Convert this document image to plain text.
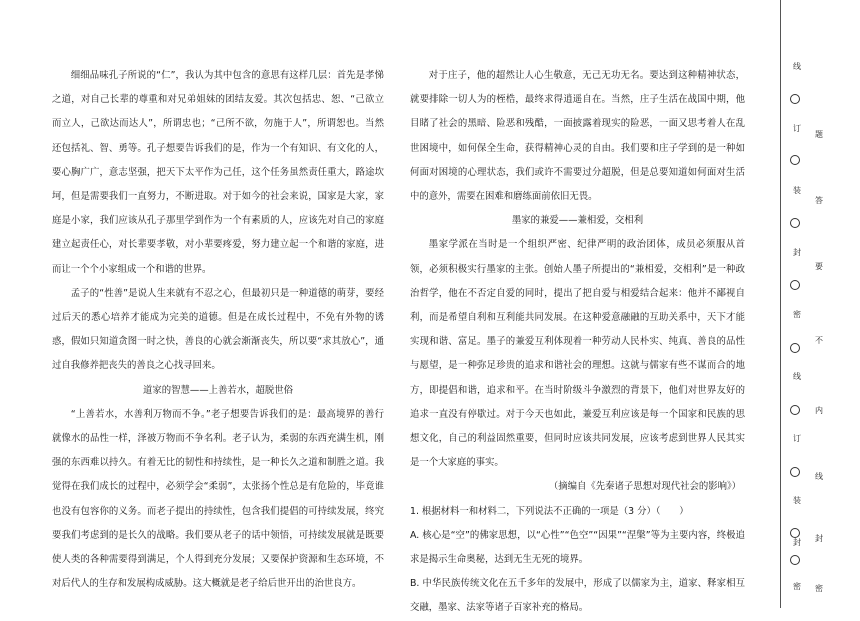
细细品味孔子所说的“仁”，我认为其中包含的意思有这样几层：首先是孝悌之道，对自己长辈的尊重和对兄弟姐妹的团结友爱。其次包括忠、恕、“己欲立而立人，己欲达而达人”，所谓忠也；“己所不欲，勿施于人”，所谓恕也。当然还包括礼、智、勇等。孔子想要告诉我们的是，作为一个有知识、有文化的人，要心胸广广，意志坚强，把天下太平作为己任，这个任务虽然责任重大，路途坎坷，但是需要我们一直努力，不断进取。对于如今的社会来说，国家是大家，家庭是小家，我们应该从孔子那里学到作为一个有素质的人，应该先对自己的家庭建立起责任心，对长辈要孝敬，对小辈要疼爱，努力建立起一个和谐的家庭，进而让一个个小家组成一个和谐的世界。

孟子的“性善”是说人生来就有不忍之心，但最初只是一种道德的萌芽，要经过后天的悉心培养才能成为完美的道德。但是在成长过程中，不免有外物的诱惑，假如只知道贪图一时之快，善良的心就会渐渐丧失，所以要“求其放心”，通过自我修养把丧失的善良之心找寻回来。

道家的智慧——上善若水，超脱世俗

“上善若水，水善利万物而不争。”老子想要告诉我们的是：最高境界的善行就像水的品性一样，泽被万物而不争名利。老子认为，柔弱的东西充满生机，刚强的东西难以持久。有着无比的韧性和持续性，是一种长久之道和制胜之道。我觉得在我们成长的过程中，必须学会“柔弱”，太张扬个性总是有危险的，毕竟谁也没有包容你的义务。而老子提出的持续性，包含我们提倡的可持续发展，终究要我们考虑到的是长久的战略。我们要从老子的话中领悟，可持续发展就是既要使人类的各种需要得到满足，个人得到充分发展；又要保护资源和生态环境，不对后代人的生存和发展构成威胁。这大概就是老子给后世开出的治世良方。

对于庄子，他的超然让人心生敬意，无己无功无名。要达到这种精神状态，就要排除一切人为的桎梏，最终求得逍遥自在。当然，庄子生活在战国中期，他目睹了社会的黑暗、险恶和残酷，一面披露着现实的险恶，一面又思考着人在乱世困境中，如何保全生命，获得精神心灵的自由。我们要和庄子学到的是一种如何面对困境的心理状态，我们或许不需要过分超脱，但是总要知道如何面对生活中的意外，需要在困难和磨练面前依旧无畏。

墨家的兼爱——兼相爱，交相利

墨家学派在当时是一个组织严密、纪律严明的政治团体，成员必须服从首领，必须积极实行墨家的主张。创始人墨子所提出的“兼相爱，交相利”是一种政治哲学，他在不否定自爱的同时，提出了把自爱与相爱结合起来：他并不鄙视自利，而是希望自利和互利能共同发展。在这种爱意融融的互助关系中，天下才能实现和谐、富足。墨子的兼爱互利体现着一种劳动人民朴实、纯真、善良的品性与愿望，是一种弥足珍贵的追求和谐社会的理想。这就与儒家有些不谋而合的地方，即提倡和谐，追求和平。在当时阶级斗争激烈的背景下，他们对世界友好的追求一直没有停歇过。对于今天也如此，兼爱互利应该是每一个国家和民族的思想文化，自己的利益固然重要，但同时应该共同发展，应该考虑到世界人民其实是一个大家庭的事实。

（摘编自《先秦诸子思想对现代社会的影响》）

1. 根据材料一和材料二，下列说法不正确的一项是（3 分）（　　）

A. 核心是“空”的佛家思想，以“心性”“色空”“因果”“涅槃”等为主要内容，终极追求是揭示生命奥秘，达到无生无死的境界。

B. 中华民族传统文化在五千多年的发展中，形成了以儒家为主，道家、释家相互交融，墨家、法家等诸子百家补充的格局。

线
订
装
封
密
线
订
装
封
密
题
答
要
不
内
线
封
密
